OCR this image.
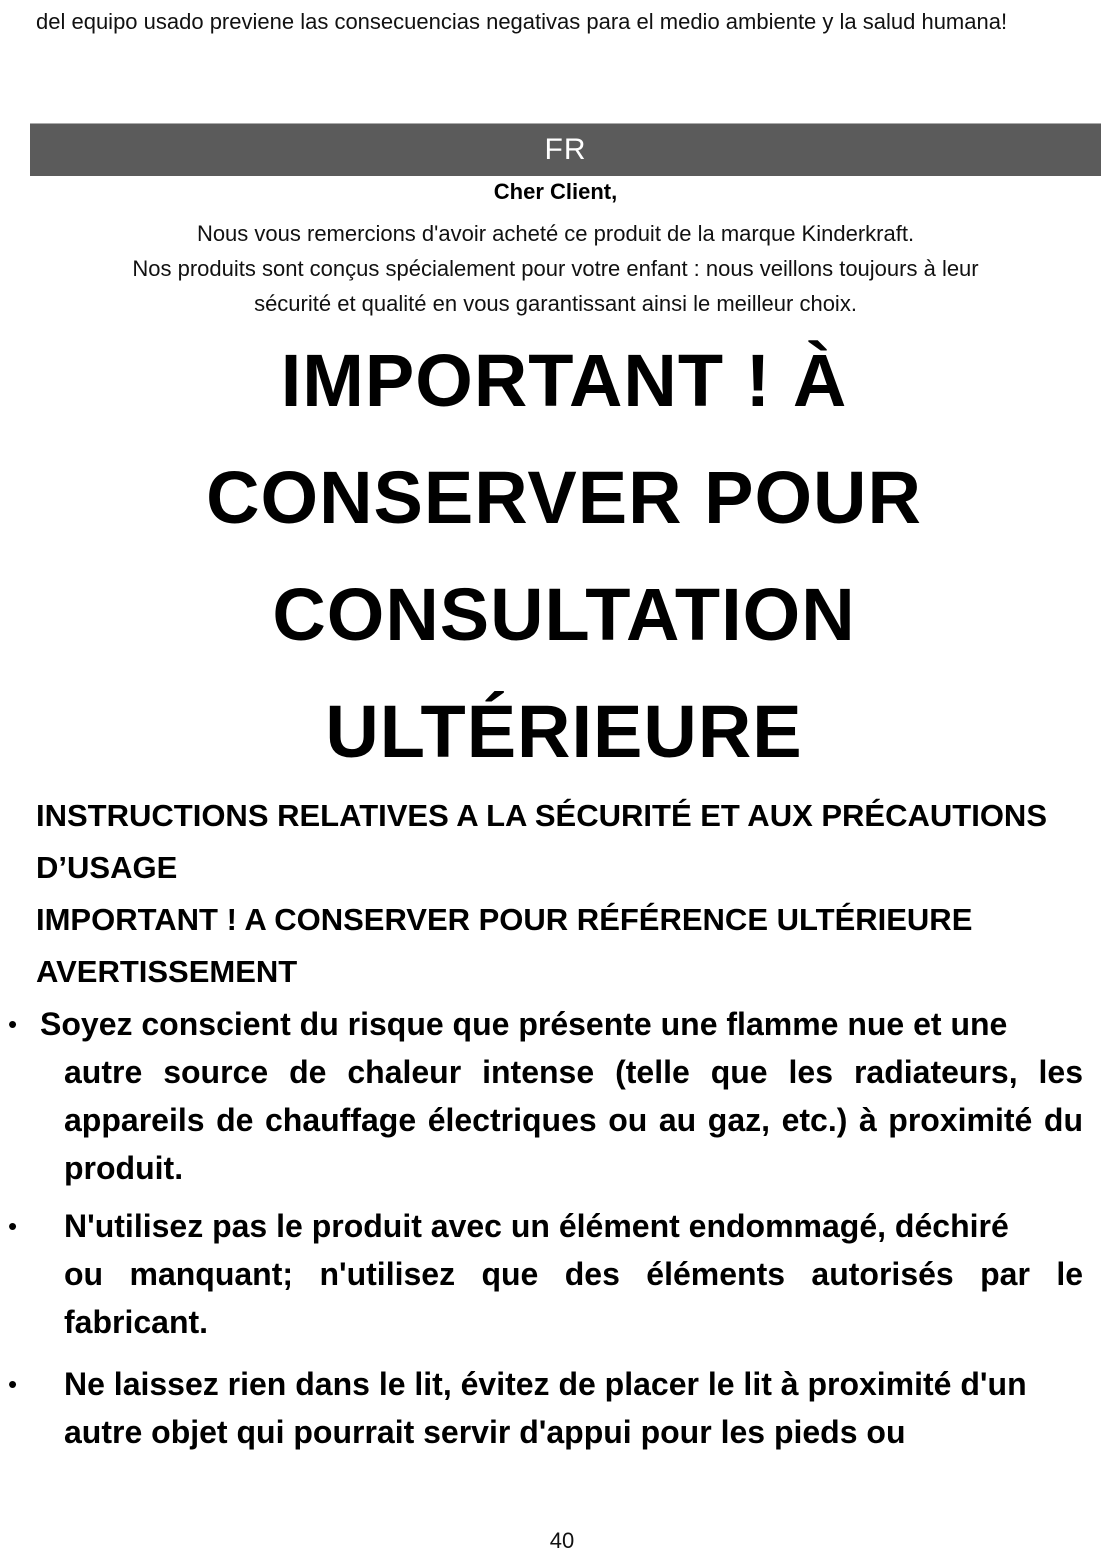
del equipo usado previene las consecuencias negativas para el medio ambiente y la salud humana!
FR
Cher Client,
Nous vous remercions d'avoir acheté ce produit de la marque Kinderkraft.
Nos produits sont conçus spécialement pour votre enfant : nous veillons toujours à leur
sécurité et qualité en vous garantissant ainsi le meilleur choix.
IMPORTANT ! À
CONSERVER POUR
CONSULTATION
ULTÉRIEURE
INSTRUCTIONS RELATIVES A LA SÉCURITÉ ET AUX PRÉCAUTIONS D’USAGE
IMPORTANT ! A CONSERVER POUR RÉFÉRENCE ULTÉRIEURE
AVERTISSEMENT
• Soyez conscient du risque que présente une flamme nue et une
autre source de chaleur intense (telle que les radiateurs, les appareils de chauffage électriques ou au gaz, etc.) à proximité du produit.
• N'utilisez pas le produit avec un élément endommagé, déchiré
ou manquant; n'utilisez que des éléments autorisés par le fabricant.
• Ne laissez rien dans le lit, évitez de placer le lit à proximité d'un
autre objet qui pourrait servir d'appui pour les pieds ou
40
